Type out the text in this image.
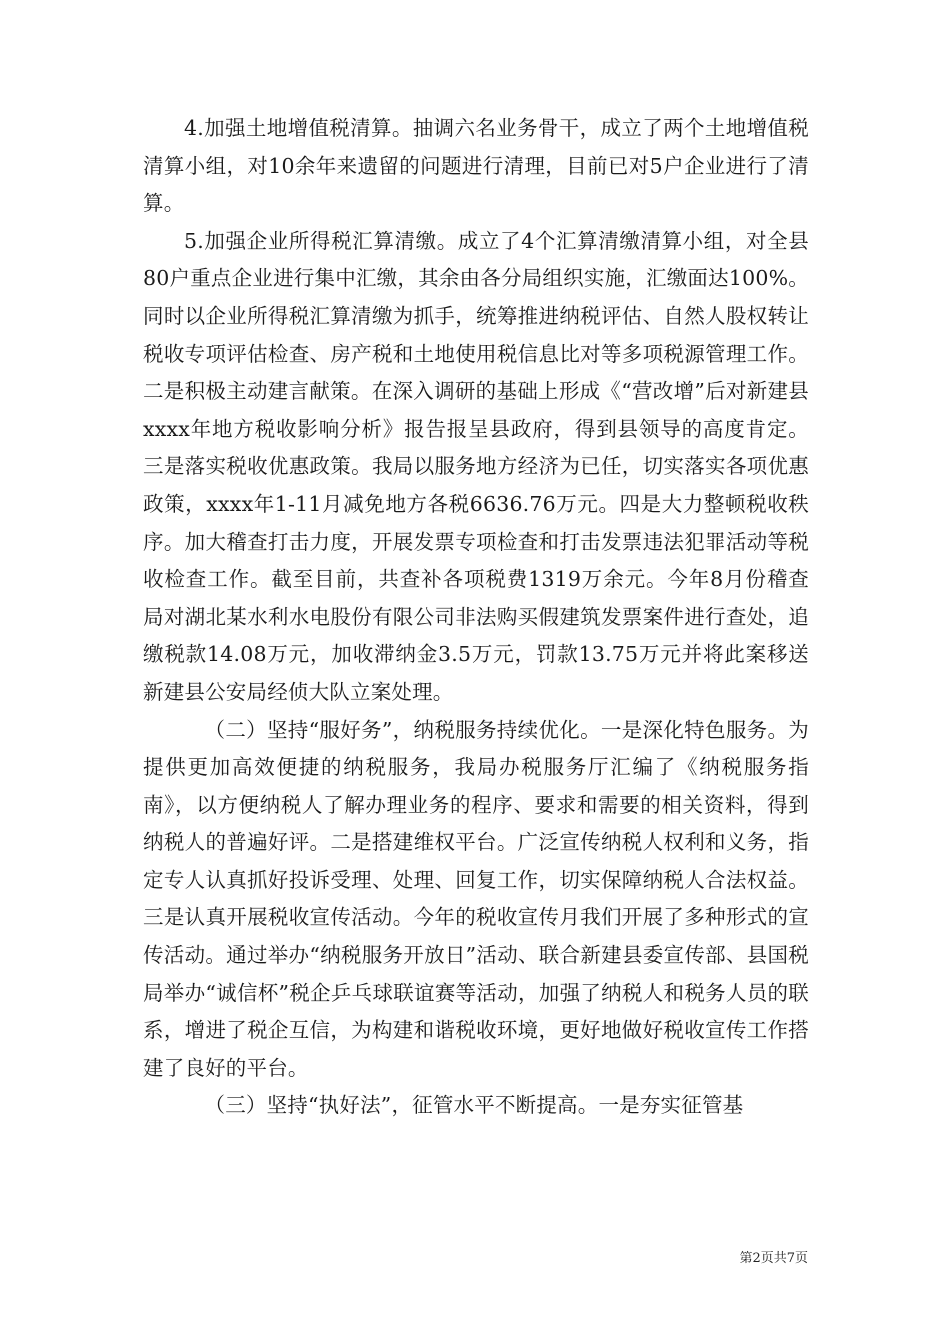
4.加强土地增值税清算。抽调六名业务骨干，成立了两个土地增值税清算小组，对10余年来遗留的问题进行清理，目前已对5户企业进行了清算。

5.加强企业所得税汇算清缴。成立了4个汇算清缴清算小组，对全县80户重点企业进行集中汇缴，其余由各分局组织实施，汇缴面达100%。同时以企业所得税汇算清缴为抓手，统筹推进纳税评估、自然人股权转让税收专项评估检查、房产税和土地使用税信息比对等多项税源管理工作。二是积极主动建言献策。在深入调研的基础上形成《“营改增”后对新建县xxxx年地方税收影响分析》报告报呈县政府，得到县领导的高度肯定。三是落实税收优惠政策。我局以服务地方经济为已任，切实落实各项优惠政策，xxxx年1-11月减免地方各税6636.76万元。四是大力整顿税收秩序。加大稽查打击力度，开展发票专项检查和打击发票违法犯罪活动等税收检查工作。截至目前，共查补各项税费1319万余元。今年8月份稽查局对湖北某水利水电股份有限公司非法购买假建筑发票案件进行查处，追缴税款14.08万元，加收滞纳金3.5万元，罚款13.75万元并将此案移送新建县公安局经侦大队立案处理。

（二）坚持“服好务”，纳税服务持续优化。一是深化特色服务。为提供更加高效便捷的纳税服务，我局办税服务厅汇编了《纳税服务指南》，以方便纳税人了解办理业务的程序、要求和需要的相关资料，得到纳税人的普遍好评。二是搭建维权平台。广泛宣传纳税人权利和义务，指定专人认真抓好投诉受理、处理、回复工作，切实保障纳税人合法权益。三是认真开展税收宣传活动。今年的税收宣传月我们开展了多种形式的宣传活动。通过举办“纳税服务开放日”活动、联合新建县委宣传部、县国税局举办“诚信杯”税企乒乓球联谊赛等活动，加强了纳税人和税务人员的联系，增进了税企互信，为构建和谐税收环境，更好地做好税收宣传工作搭建了良好的平台。

（三）坚持“执好法”，征管水平不断提高。一是夯实征管基

第2页共7页
